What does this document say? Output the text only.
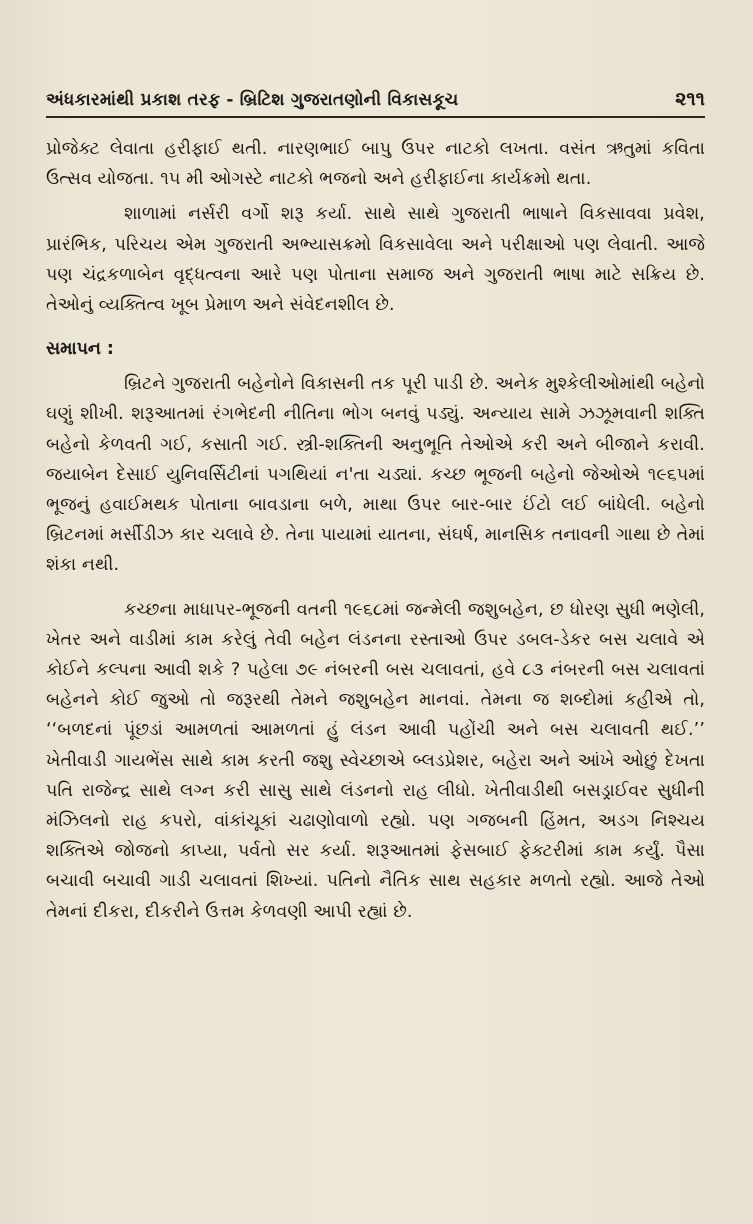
અંધકારમાંથી પ્રકાશ તરફ - બ્રિટિશ ગુજરાતણોની વિકાસકૂચ	૨૧૧

પ્રોજેક્ટ લેવાતા હરીફાઈ થતી. નારણભાઈ બાપુ ઉપર નાટકો લખતા. વસંત ઋતુમાં કવિતા ઉત્સવ યોજતા. ૧૫ મી ઓગસ્ટે નાટકો ભજનો અને હરીફાઈના કાર્યક્રમો થતા.

શાળામાં નર્સરી વર્ગો શરૂ કર્યા. સાથે સાથે ગુજરાતી ભાષાને વિકસાવવા પ્રવેશ, પ્રારંભિક, પરિચય એમ ગુજરાતી અભ્યાસક્રમો વિકસાવેલા અને પરીક્ષાઓ પણ લેવાતી. આજે પણ ચંદ્રકળાબેન વૃદ્ધત્વના આરે પણ પોતાના સમાજ અને ગુજરાતી ભાષા માટે સક્રિય છે. તેઓનું વ્યક્તિત્વ ખૂબ પ્રેમાળ અને સંવેદનશીલ છે.

સમાપન :

બ્રિટને ગુજરાતી બહેનોને વિકાસની તક પૂરી પાડી છે. અનેક મુશ્કેલીઓમાંથી બહેનો ઘણું શીખી. શરૂઆતમાં રંગભેદની નીતિના ભોગ બનવું પડ્યું. અન્યાય સામે ઝઝૂમવાની શક્તિ બહેનો કેળવતી ગઈ, કસાતી ગઈ. સ્ત્રી-શક્તિની અનુભૂતિ તેઓએ કરી અને બીજાને કરાવી. જયાબેન દેસાઈ યુનિવર્સિટીનાં પગથિયાં ન'તા ચડ્યાં. કચ્છ ભૂજની બહેનો જેઓએ ૧૯૬૫માં ભૂજનું હવાઈમથક પોતાના બાવડાના બળે, માથા ઉપર બાર-બાર ઈંટો લઈ બાંધેલી. બહેનો બ્રિટનમાં મર્સીડીઝ કાર ચલાવે છે. તેના પાયામાં યાતના, સંઘર્ષ, માનસિક તનાવની ગાથા છે તેમાં શંકા નથી.

કચ્છના માધાપર-ભૂજની વતની ૧૯૬૮માં જન્મેલી જશુબહેન, છ ધોરણ સુધી ભણેલી, ખેતર અને વાડીમાં કામ કરેલું તેવી બહેન લંડનના રસ્તાઓ ઉપર ડબલ-ડેકર બસ ચલાવે એ કોઈને કલ્પના આવી શકે ? પહેલા ૭૯ નંબરની બસ ચલાવતાં, હવે ૮૩ નંબરની બસ ચલાવતાં બહેનને કોઈ જુઓ તો જરૂરથી તેમને જશુબહેન માનવાં. તેમના જ શબ્દોમાં કહીએ તો, ‘‘બળદનાં પૂંછડાં આમળતાં આમળતાં હું લંડન આવી પહોંચી અને બસ ચલાવતી થઈ.’’ ખેતીવાડી ગાયભેંસ સાથે કામ કરતી જશુ સ્વેચ્છાએ બ્લડપ્રેશર, બહેરા અને આંખે ઓછું દેખતા પતિ રાજેન્દ્ર સાથે લગ્ન કરી સાસુ સાથે લંડનનો રાહ લીધો. ખેતીવાડીથી બસડ્રાઈવર સુધીની મંઝિલનો રાહ કપરો, વાંકાંચૂકાં ચઢાણોવાળો રહ્યો. પણ ગજબની હિંમત, અડગ નિશ્ચય શક્તિએ જોજનો કાપ્યા, પર્વતો સર કર્યા. શરૂઆતમાં ફેસબાઈ ફેક્ટરીમાં કામ કર્યું. પૈસા બચાવી બચાવી ગાડી ચલાવતાં શિખ્યાં. પતિનો નૈતિક સાથ સહકાર મળતો રહ્યો. આજે તેઓ તેમનાં દીકરા, દીકરીને ઉત્તમ કેળવણી આપી રહ્યાં છે.
